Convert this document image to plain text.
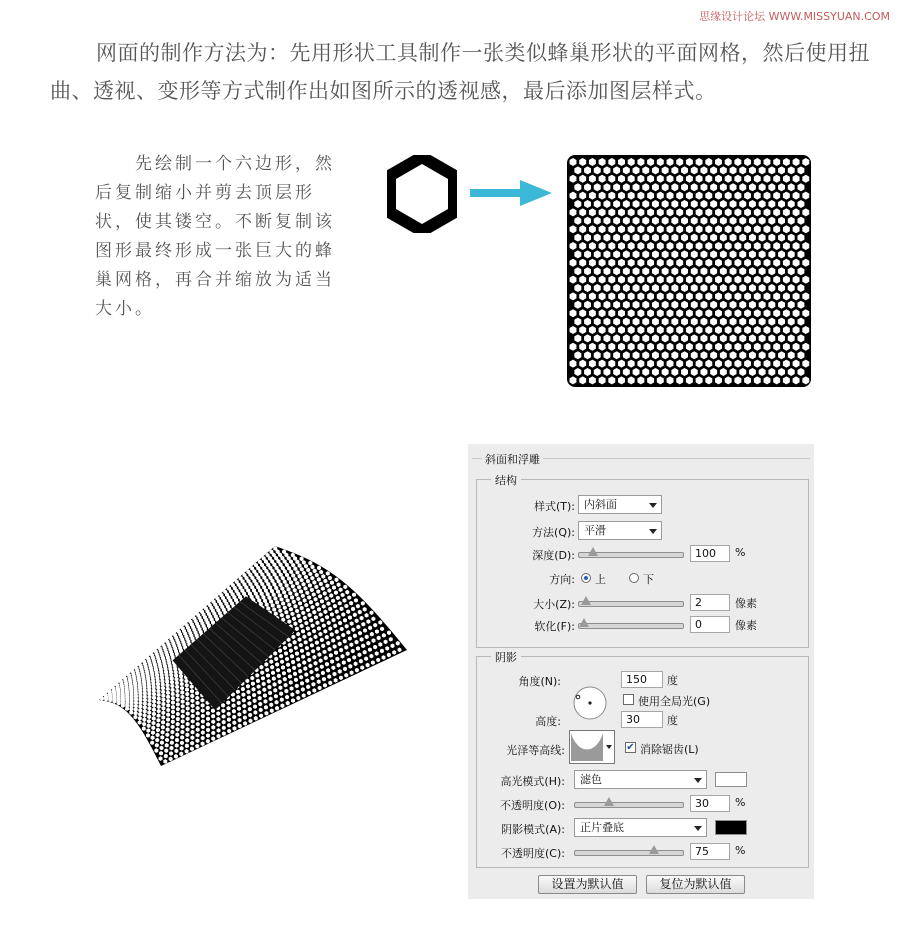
思缘设计论坛 WWW.MISSYUAN.COM
网面的制作方法为：先用形状工具制作一张类似蜂巢形状的平面网格，然后使用扭曲、透视、变形等方式制作出如图所示的透视感，最后添加图层样式。
先绘制一个六边形，然后复制缩小并剪去顶层形状，使其镂空。不断复制该图形最终形成一张巨大的蜂巢网格，再合并缩放为适当大小。
斜面和浮雕
结构
样式(T): 内斜面
方法(Q): 平滑
深度(D):	100	%
方向: 上	下
大小(Z):	2	像素
软化(F):	0	像素
阴影
角度(N):	150	度
使用全局光(G)
高度:	30	度
光泽等高线:	✔ 消除锯齿(L)
高光模式(H):	滤色
不透明度(O):	30	%
阴影模式(A):	正片叠底
不透明度(C):	75	%
设置为默认值	复位为默认值
